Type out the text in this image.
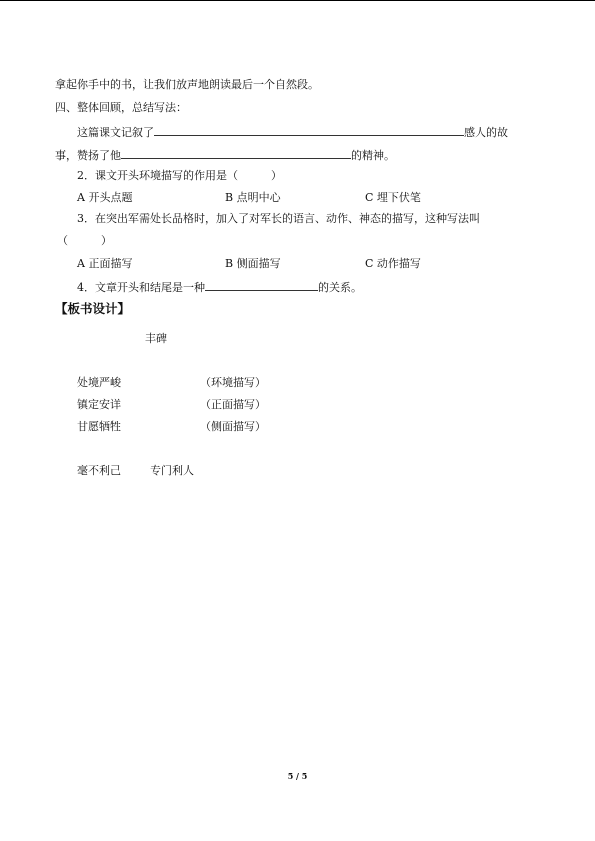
拿起你手中的书，让我们放声地朗读最后一个自然段。
四、整体回顾，总结写法：
这篇课文记叙了	感人的故
事，赞扬了他	的精神。
2．课文开头环境描写的作用是（　　　）
A 开头点题	B 点明中心	C 埋下伏笔
3．在突出军需处长品格时，加入了对军长的语言、动作、神态的描写，这种写法叫
（　　　）
A 正面描写	B 侧面描写	C 动作描写
4．文章开头和结尾是一种	的关系。
【板书设计】
丰碑
处境严峻	（环境描写）
镇定安详	（正面描写）
甘愿牺牲	（侧面描写）
毫不利己	专门利人
5 / 5
